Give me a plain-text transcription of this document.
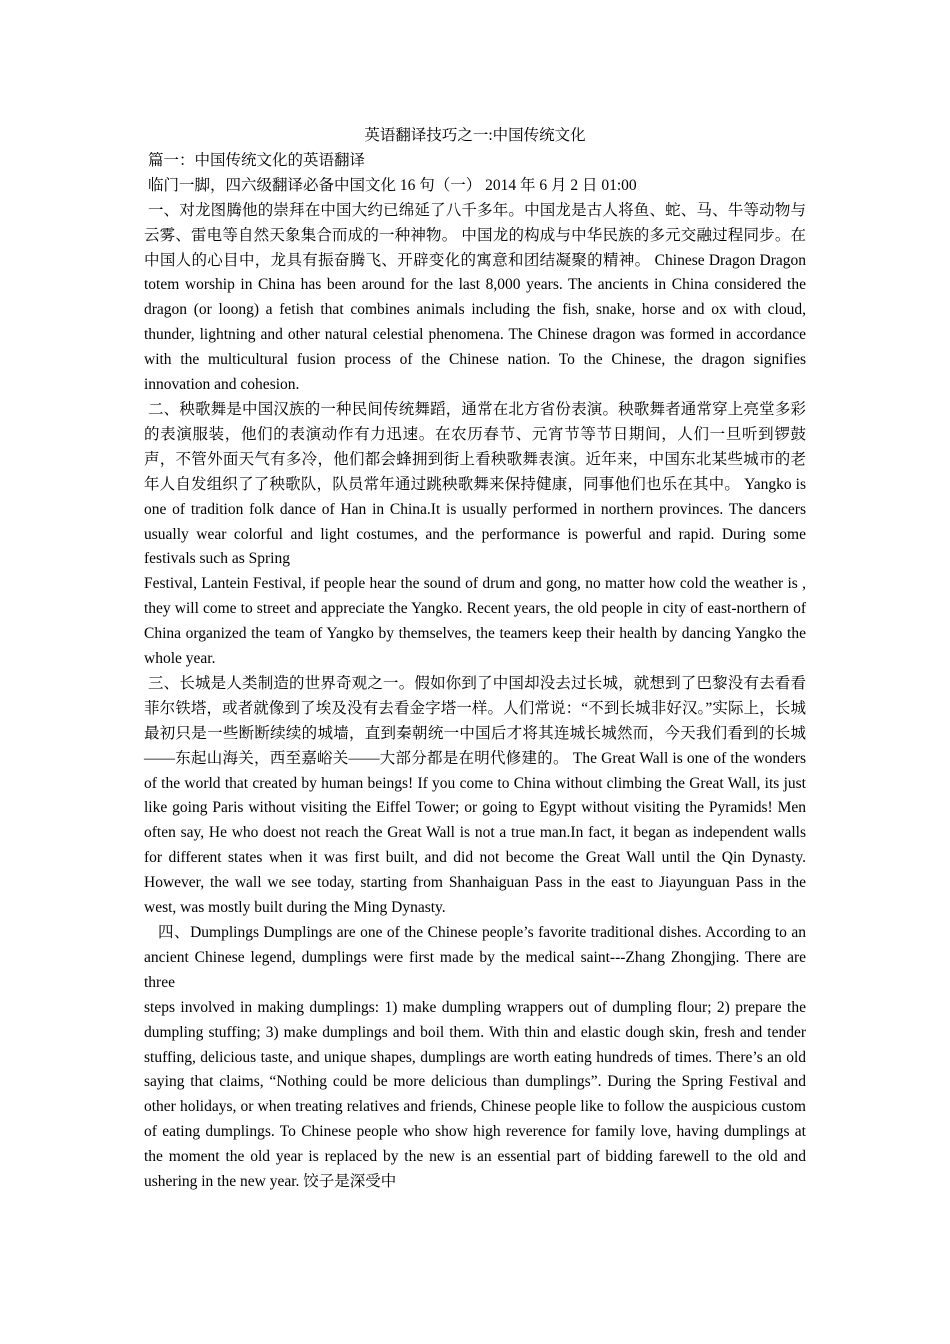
英语翻译技巧之一:中国传统文化

篇一：中国传统文化的英语翻译

临门一脚，四六级翻译必备中国文化 16 句（一） 2014 年 6 月 2 日 01:00

一、对龙图腾他的崇拜在中国大约已绵延了八千多年。中国龙是古人将鱼、蛇、马、牛等动物与云雾、雷电等自然天象集合而成的一种神物。 中国龙的构成与中华民族的多元交融过程同步。在中国人的心目中，龙具有振奋腾飞、开辟变化的寓意和团结凝聚的精神。 Chinese Dragon Dragon totem worship in China has been around for the last 8,000 years. The ancients in China considered the dragon (or loong) a fetish that combines animals including the fish, snake, horse and ox with cloud, thunder, lightning and other natural celestial phenomena. The Chinese dragon was formed in accordance with the multicultural fusion process of the Chinese nation. To the Chinese, the dragon signifies innovation and cohesion.

二、秧歌舞是中国汉族的一种民间传统舞蹈，通常在北方省份表演。秧歌舞者通常穿上亮堂多彩的表演服装，他们的表演动作有力迅速。在农历春节、元宵节等节日期间，人们一旦听到锣鼓声，不管外面天气有多冷，他们都会蜂拥到街上看秧歌舞表演。近年来，中国东北某些城市的老年人自发组织了了秧歌队，队员常年通过跳秧歌舞来保持健康，同事他们也乐在其中。 Yangko is one of tradition folk dance of Han in China.It is usually performed in northern provinces. The dancers usually wear colorful and light costumes, and the performance is powerful and rapid. During some festivals such as Spring

Festival, Lantein Festival, if people hear the sound of drum and gong, no matter how cold the weather is , they will come to street and appreciate the Yangko. Recent years, the old people in city of east-northern of China organized the team of Yangko by themselves, the teamers keep their health by dancing Yangko the whole year.

三、长城是人类制造的世界奇观之一。假如你到了中国却没去过长城，就想到了巴黎没有去看看菲尔铁塔，或者就像到了埃及没有去看金字塔一样。人们常说：“不到长城非好汉。”实际上，长城最初只是一些断断续续的城墙，直到秦朝统一中国后才将其连城长城然而，今天我们看到的长城——东起山海关，西至嘉峪关——大部分都是在明代修建的。 The Great Wall is one of the wonders of the world that created by human beings! If you come to China without climbing the Great Wall, its just like going Paris without visiting the Eiffel Tower; or going to Egypt without visiting the Pyramids! Men often say, He who doest not reach the Great Wall is not a true man.In fact, it began as independent walls for different states when it was first built, and did not become the Great Wall until the Qin Dynasty. However, the wall we see today, starting from Shanhaiguan Pass in the east to Jiayunguan Pass in the west, was mostly built during the Ming Dynasty.

四、Dumplings Dumplings are one of the Chinese people’s favorite traditional dishes. According to an ancient Chinese legend, dumplings were first made by the medical saint---Zhang Zhongjing. There are three

steps involved in making dumplings: 1) make dumpling wrappers out of dumpling flour; 2) prepare the dumpling stuffing; 3) make dumplings and boil them. With thin and elastic dough skin, fresh and tender stuffing, delicious taste, and unique shapes, dumplings are worth eating hundreds of times. There’s an old saying that claims, “Nothing could be more delicious than dumplings”. During the Spring Festival and other holidays, or when treating relatives and friends, Chinese people like to follow the auspicious custom of eating dumplings. To Chinese people who show high reverence for family love, having dumplings at the moment the old year is replaced by the new is an essential part of bidding farewell to the old and ushering in the new year. 饺子是深受中
